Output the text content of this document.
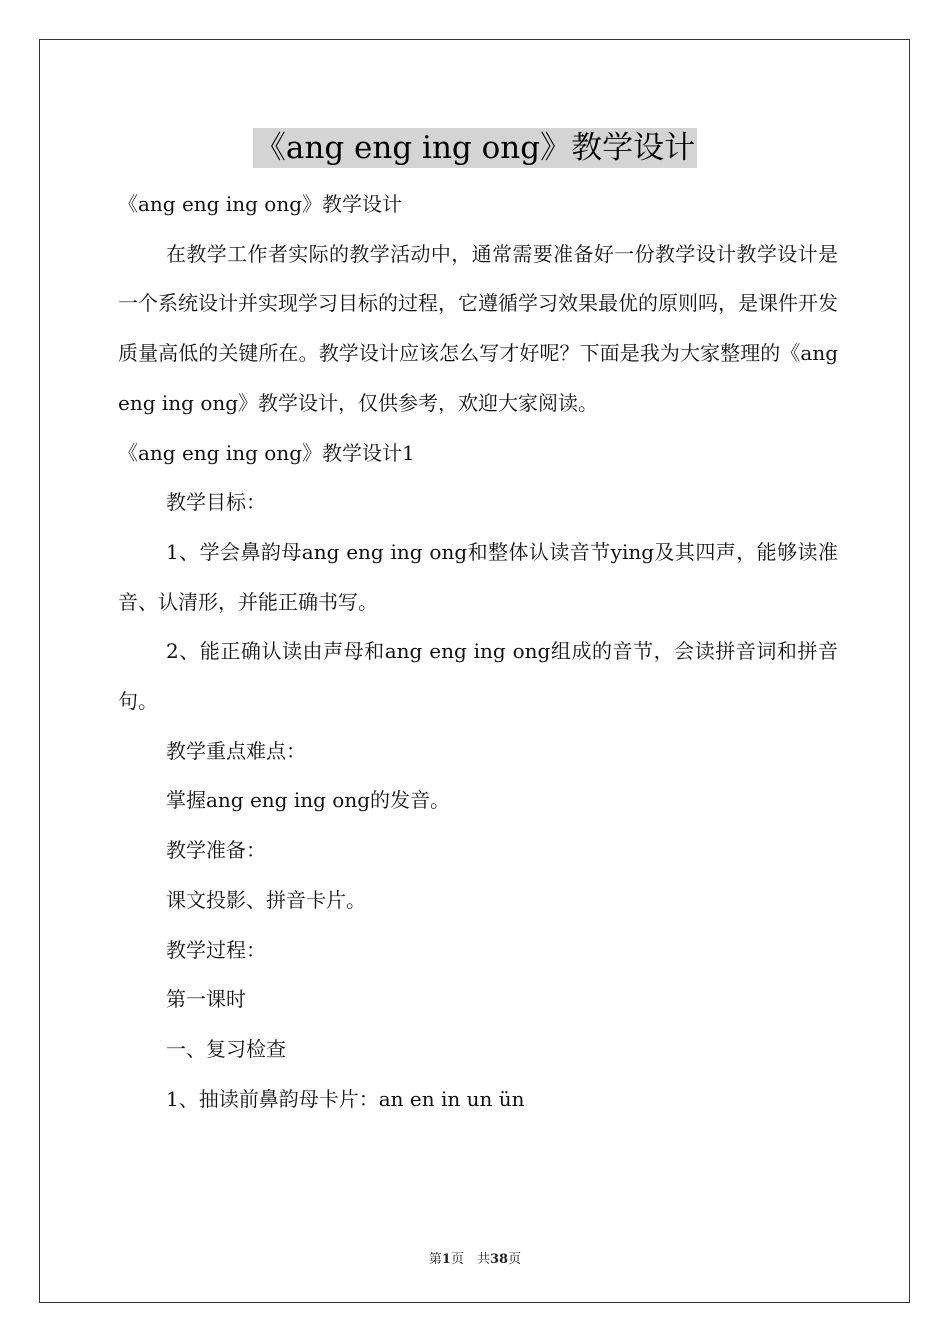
《ang eng ing ong》教学设计

《ang eng ing ong》教学设计

在教学工作者实际的教学活动中，通常需要准备好一份教学设计教学设计是一个系统设计并实现学习目标的过程，它遵循学习效果最优的原则吗，是课件开发质量高低的关键所在。教学设计应该怎么写才好呢？下面是我为大家整理的《ang eng ing ong》教学设计，仅供参考，欢迎大家阅读。

《ang eng ing ong》教学设计1

教学目标：

1、学会鼻韵母ang eng ing ong和整体认读音节ying及其四声，能够读准音、认清形，并能正确书写。

2、能正确认读由声母和ang eng ing ong组成的音节，会读拼音词和拼音句。

教学重点难点：

掌握ang eng ing ong的发音。

教学准备：

课文投影、拼音卡片。

教学过程：

第一课时

一、复习检查

1、抽读前鼻韵母卡片：an en in un ün

第1页　共38页
